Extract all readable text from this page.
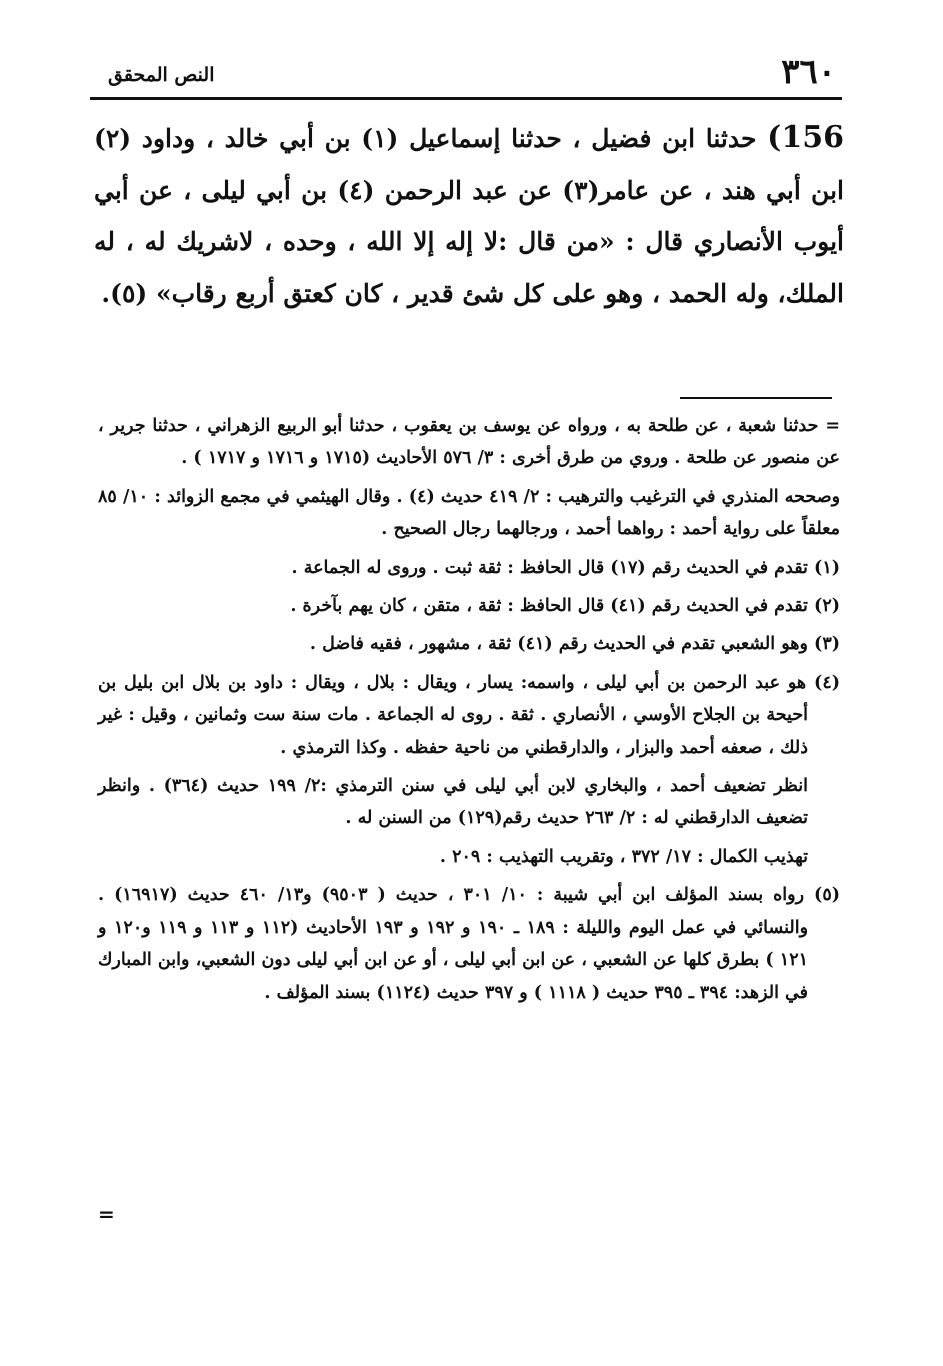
٣٦٠
النص المحقق

156) حدثنا ابن فضيل ، حدثنا إسماعيل (١) بن أبي خالد ، وداود (٢) ابن أبي هند ، عن عامر(٣) عن عبد الرحمن (٤) بن أبي ليلى ، عن أبي أيوب الأنصاري قال : «من قال :لا إله إلا الله ، وحده ، لاشريك له ، له الملك، وله الحمد ، وهو على كل شئ قدير ، كان كعتق أربع رقاب» (٥).

= حدثنا شعبة ، عن طلحة به ، ورواه عن يوسف بن يعقوب ، حدثنا أبو الربيع الزهراني ، حدثنا جرير ، عن منصور عن طلحة . وروي من طرق أخرى : ٣/ ٥٧٦ الأحاديث (١٧١٥ و ١٧١٦ و ١٧١٧ ) .

وصححه المنذري في الترغيب والترهيب : ٢/ ٤١٩ حديث (٤) . وقال الهيثمي في مجمع الزوائد : ١٠/ ٨٥ معلقاً على رواية أحمد : رواهما أحمد ، ورجالهما رجال الصحيح .

(١) تقدم في الحديث رقم (١٧) قال الحافظ : ثقة ثبت . وروى له الجماعة .

(٢) تقدم في الحديث رقم (٤١) قال الحافظ : ثقة ، متقن ، كان يهم بآخرة .

(٣) وهو الشعبي تقدم في الحديث رقم (٤١) ثقة ، مشهور ، فقيه فاضل .

(٤) هو عبد الرحمن بن أبي ليلى ، واسمه: يسار ، ويقال : بلال ، ويقال : داود بن بلال ابن بليل بن أحيحة بن الجلاح الأوسي ، الأنصاري . ثقة . روى له الجماعة . مات سنة ست وثمانين ، وقيل : غير ذلك ، صعفه أحمد والبزار ، والدارقطني من ناحية حفظه . وكذا الترمذي .

انظر تضعيف أحمد ، والبخاري لابن أبي ليلى في سنن الترمذي :٢/ ١٩٩ حديث (٣٦٤) . وانظر تضعيف الدارقطني له : ٢/ ٢٦٣ حديث رقم(١٢٩) من السنن له .

تهذيب الكمال : ١٧/ ٣٧٢ ، وتقريب التهذيب : ٢٠٩ .

(٥) رواه بسند المؤلف ابن أبي شيبة : ١٠/ ٣٠١ ، حديث ( ٩٥٠٣) و١٣/ ٤٦٠ حديث (١٦٩١٧) . والنسائي في عمل اليوم والليلة : ١٨٩ ـ ١٩٠ و ١٩٢ و ١٩٣ الأحاديث (١١٢ و ١١٣ و ١١٩ و١٢٠ و ١٢١ ) بطرق كلها عن الشعبي ، عن ابن أبي ليلى ، أو عن ابن أبي ليلى دون الشعبي، وابن المبارك في الزهد: ٣٩٤ ـ ٣٩٥ حديث ( ١١١٨ ) و ٣٩٧ حديث (١١٢٤) بسند المؤلف .

=
